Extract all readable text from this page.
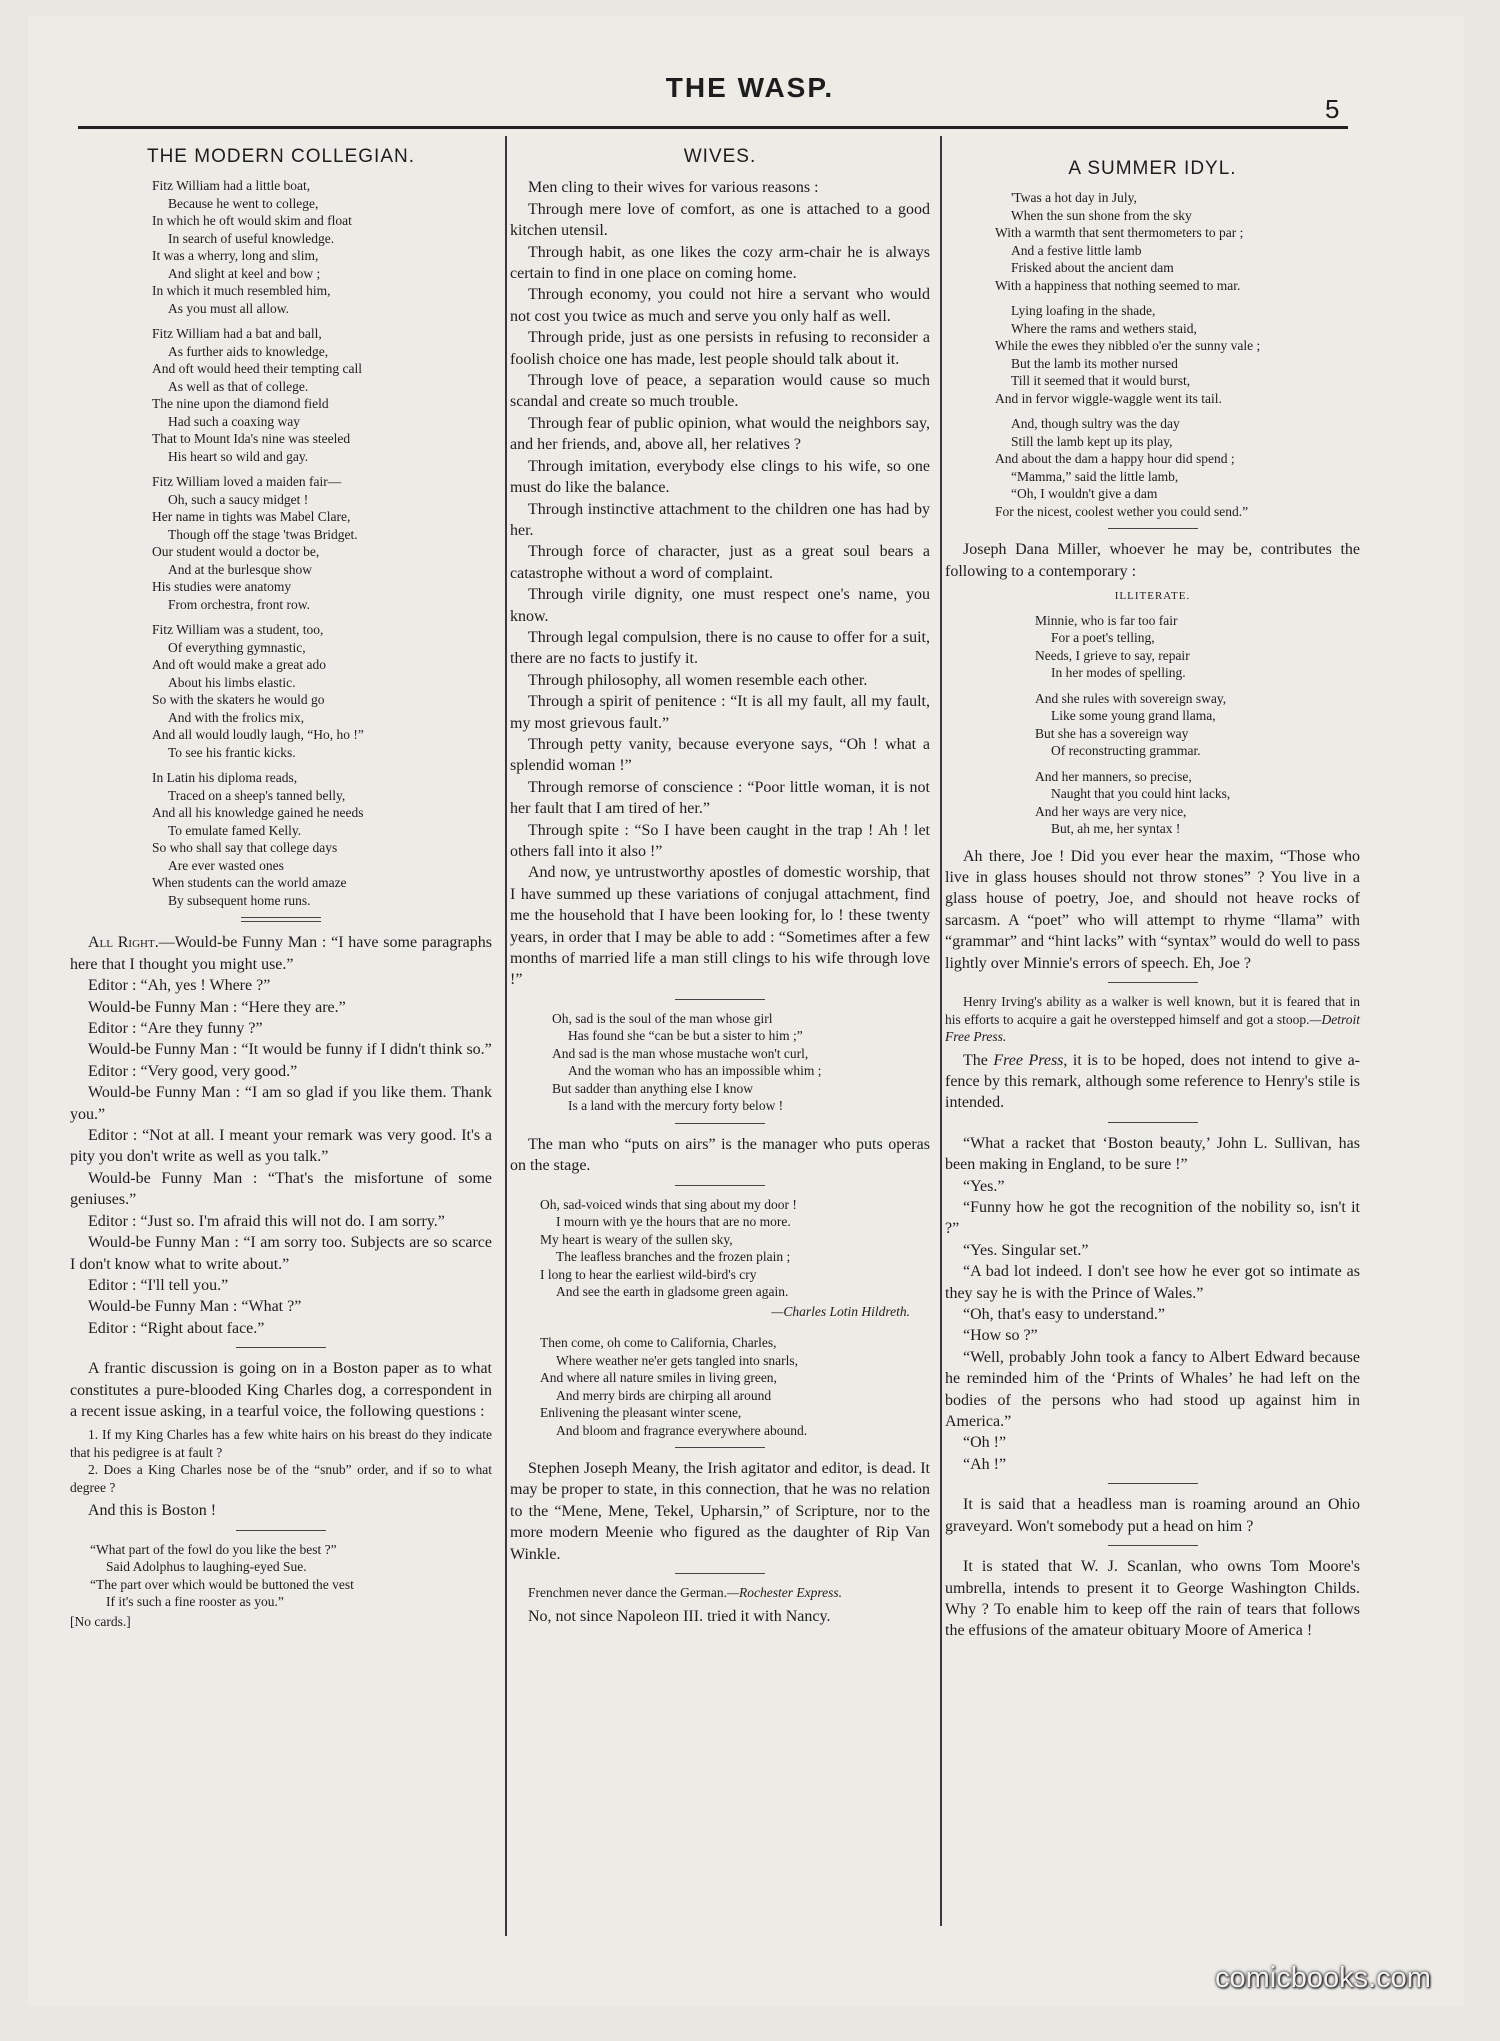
THE WASP.
5
THE MODERN COLLEGIAN.
Fitz William had a little boat,
Because he went to college,
In which he oft would skim and float
In search of useful knowledge.
It was a wherry, long and slim,
And slight at keel and bow ;
In which it much resembled him,
As you must all allow.
Fitz William had a bat and ball,
As further aids to knowledge,
And oft would heed their tempting call
As well as that of college.
The nine upon the diamond field
Had such a coaxing way
That to Mount Ida's nine was steeled
His heart so wild and gay.
Fitz William loved a maiden fair—
Oh, such a saucy midget !
Her name in tights was Mabel Clare,
Though off the stage 'twas Bridget.
Our student would a doctor be,
And at the burlesque show
His studies were anatomy
From orchestra, front row.
Fitz William was a student, too,
Of everything gymnastic,
And oft would make a great ado
About his limbs elastic.
So with the skaters he would go
And with the frolics mix,
And all would loudly laugh, “Ho, ho !”
To see his frantic kicks.
In Latin his diploma reads,
Traced on a sheep's tanned belly,
And all his knowledge gained he needs
To emulate famed Kelly.
So who shall say that college days
Are ever wasted ones
When students can the world amaze
By subsequent home runs.

All Right.—Would-be Funny Man : “I have some paragraphs here that I thought you might use.”

Editor : “Ah, yes ! Where ?”

Would-be Funny Man : “Here they are.”

Editor : “Are they funny ?”

Would-be Funny Man : “It would be funny if I didn't think so.”

Editor : “Very good, very good.”

Would-be Funny Man : “I am so glad if you like them. Thank you.”

Editor : “Not at all. I meant your remark was very good. It's a pity you don't write as well as you talk.”

Would-be Funny Man : “That's the misfortune of some geniuses.”

Editor : “Just so. I'm afraid this will not do. I am sorry.”

Would-be Funny Man : “I am sorry too. Subjects are so scarce I don't know what to write about.”

Editor : “I'll tell you.”

Would-be Funny Man : “What ?”

Editor : “Right about face.”

A frantic discussion is going on in a Boston paper as to what constitutes a pure-blooded King Charles dog, a correspondent in a recent issue asking, in a tearful voice, the following questions :

1. If my King Charles has a few white hairs on his breast do they indicate that his pedigree is at fault ?

2. Does a King Charles nose be of the “snub” order, and if so to what degree ?

And this is Boston !

“What part of the fowl do you like the best ?”
Said Adolphus to laughing-eyed Sue.
“The part over which would be buttoned the vest
If it's such a fine rooster as you.”
[No cards.]
WIVES.

Men cling to their wives for various reasons :

Through mere love of comfort, as one is attached to a good kitchen utensil.

Through habit, as one likes the cozy arm-chair he is always certain to find in one place on coming home.

Through economy, you could not hire a servant who would not cost you twice as much and serve you only half as well.

Through pride, just as one persists in refusing to reconsider a foolish choice one has made, lest people should talk about it.

Through love of peace, a separation would cause so much scandal and create so much trouble.

Through fear of public opinion, what would the neighbors say, and her friends, and, above all, her relatives ?

Through imitation, everybody else clings to his wife, so one must do like the balance.

Through instinctive attachment to the children one has had by her.

Through force of character, just as a great soul bears a catastrophe without a word of complaint.

Through virile dignity, one must respect one's name, you know.

Through legal compulsion, there is no cause to offer for a suit, there are no facts to justify it.

Through philosophy, all women resemble each other.

Through a spirit of penitence : “It is all my fault, all my fault, my most grievous fault.”

Through petty vanity, because everyone says, “Oh ! what a splendid woman !”

Through remorse of conscience : “Poor little woman, it is not her fault that I am tired of her.”

Through spite : “So I have been caught in the trap ! Ah ! let others fall into it also !”

And now, ye untrustworthy apostles of domestic worship, that I have summed up these variations of conjugal attachment, find me the household that I have been looking for, lo ! these twenty years, in order that I may be able to add : “Sometimes after a few months of married life a man still clings to his wife through love !”

Oh, sad is the soul of the man whose girl
Has found she “can be but a sister to him ;”
And sad is the man whose mustache won't curl,
And the woman who has an impossible whim ;
But sadder than anything else I know
Is a land with the mercury forty below !

The man who “puts on airs” is the manager who puts operas on the stage.

Oh, sad-voiced winds that sing about my door !
I mourn with ye the hours that are no more.
My heart is weary of the sullen sky,
The leafless branches and the frozen plain ;
I long to hear the earliest wild-bird's cry
And see the earth in gladsome green again.
—Charles Lotin Hildreth.
Then come, oh come to California, Charles,
Where weather ne'er gets tangled into snarls,
And where all nature smiles in living green,
And merry birds are chirping all around
Enlivening the pleasant winter scene,
And bloom and fragrance everywhere abound.

Stephen Joseph Meany, the Irish agitator and editor, is dead. It may be proper to state, in this connection, that he was no relation to the “Mene, Mene, Tekel, Upharsin,” of Scripture, nor to the more modern Meenie who figured as the daughter of Rip Van Winkle.

Frenchmen never dance the German.—Rochester Express.

No, not since Napoleon III. tried it with Nancy.

A SUMMER IDYL.
'Twas a hot day in July,
When the sun shone from the sky
With a warmth that sent thermometers to par ;
And a festive little lamb
Frisked about the ancient dam
With a happiness that nothing seemed to mar.
Lying loafing in the shade,
Where the rams and wethers staid,
While the ewes they nibbled o'er the sunny vale ;
But the lamb its mother nursed
Till it seemed that it would burst,
And in fervor wiggle-waggle went its tail.
And, though sultry was the day
Still the lamb kept up its play,
And about the dam a happy hour did spend ;
“Mamma,” said the little lamb,
“Oh, I wouldn't give a dam
For the nicest, coolest wether you could send.”

Joseph Dana Miller, whoever he may be, contributes the following to a contemporary :

ILLITERATE.
Minnie, who is far too fair
For a poet's telling,
Needs, I grieve to say, repair
In her modes of spelling.
And she rules with sovereign sway,
Like some young grand llama,
But she has a sovereign way
Of reconstructing grammar.
And her manners, so precise,
Naught that you could hint lacks,
And her ways are very nice,
But, ah me, her syntax !

Ah there, Joe ! Did you ever hear the maxim, “Those who live in glass houses should not throw stones” ? You live in a glass house of poetry, Joe, and should not heave rocks of sarcasm. A “poet” who will attempt to rhyme “llama” with “grammar” and “hint lacks” with “syntax” would do well to pass lightly over Minnie's errors of speech. Eh, Joe ?

Henry Irving's ability as a walker is well known, but it is feared that in his efforts to acquire a gait he overstepped himself and got a stoop.—Detroit Free Press.

The Free Press, it is to be hoped, does not intend to give a-fence by this remark, although some reference to Henry's stile is intended.

“What a racket that ‘Boston beauty,’ John L. Sullivan, has been making in England, to be sure !”

“Yes.”

“Funny how he got the recognition of the nobility so, isn't it ?”

“Yes. Singular set.”

“A bad lot indeed. I don't see how he ever got so intimate as they say he is with the Prince of Wales.”

“Oh, that's easy to understand.”

“How so ?”

“Well, probably John took a fancy to Albert Edward because he reminded him of the ‘Prints of Whales’ he had left on the bodies of the persons who had stood up against him in America.”

“Oh !”

“Ah !”

It is said that a headless man is roaming around an Ohio graveyard. Won't somebody put a head on him ?

It is stated that W. J. Scanlan, who owns Tom Moore's umbrella, intends to present it to George Washington Childs. Why ? To enable him to keep off the rain of tears that follows the effusions of the amateur obituary Moore of America !

comicbooks.com
